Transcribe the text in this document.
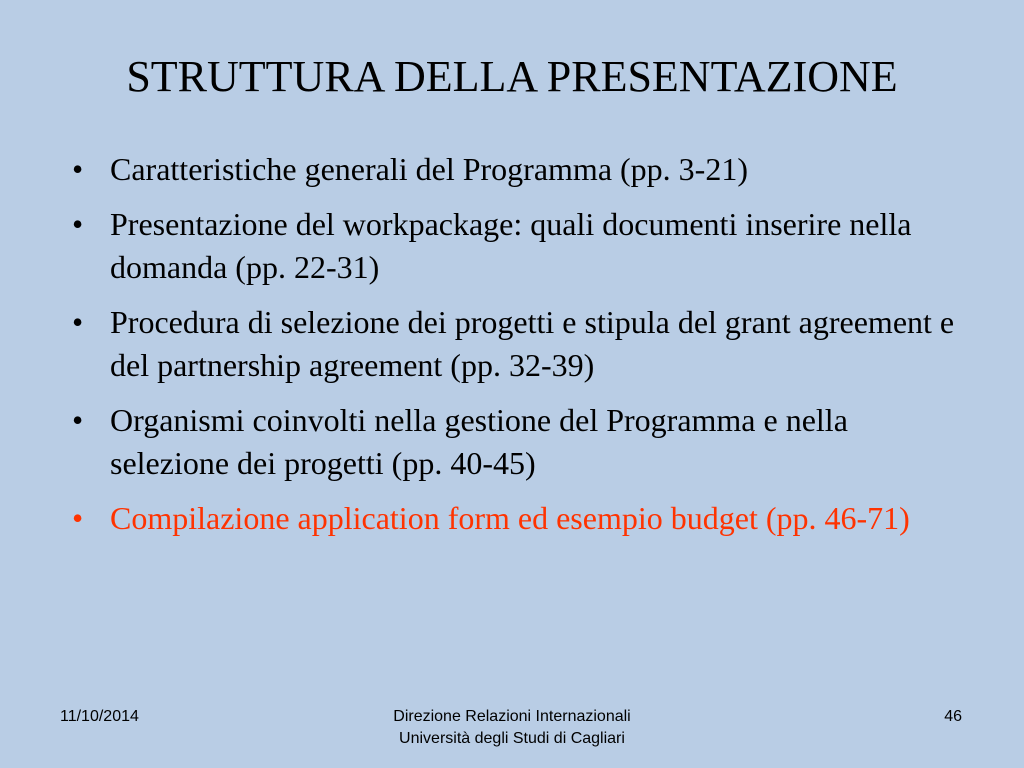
STRUTTURA DELLA PRESENTAZIONE
• Caratteristiche generali del Programma (pp. 3-21)
• Presentazione del workpackage: quali documenti inserire nella domanda (pp. 22-31)
• Procedura di selezione dei progetti e stipula del grant agreement e del partnership agreement (pp. 32-39)
• Organismi coinvolti nella gestione del Programma e nella selezione dei progetti (pp. 40-45)
• Compilazione application form ed esempio budget (pp. 46-71)
11/10/2014	Direzione Relazioni Internazionali
Università degli Studi di Cagliari
46
